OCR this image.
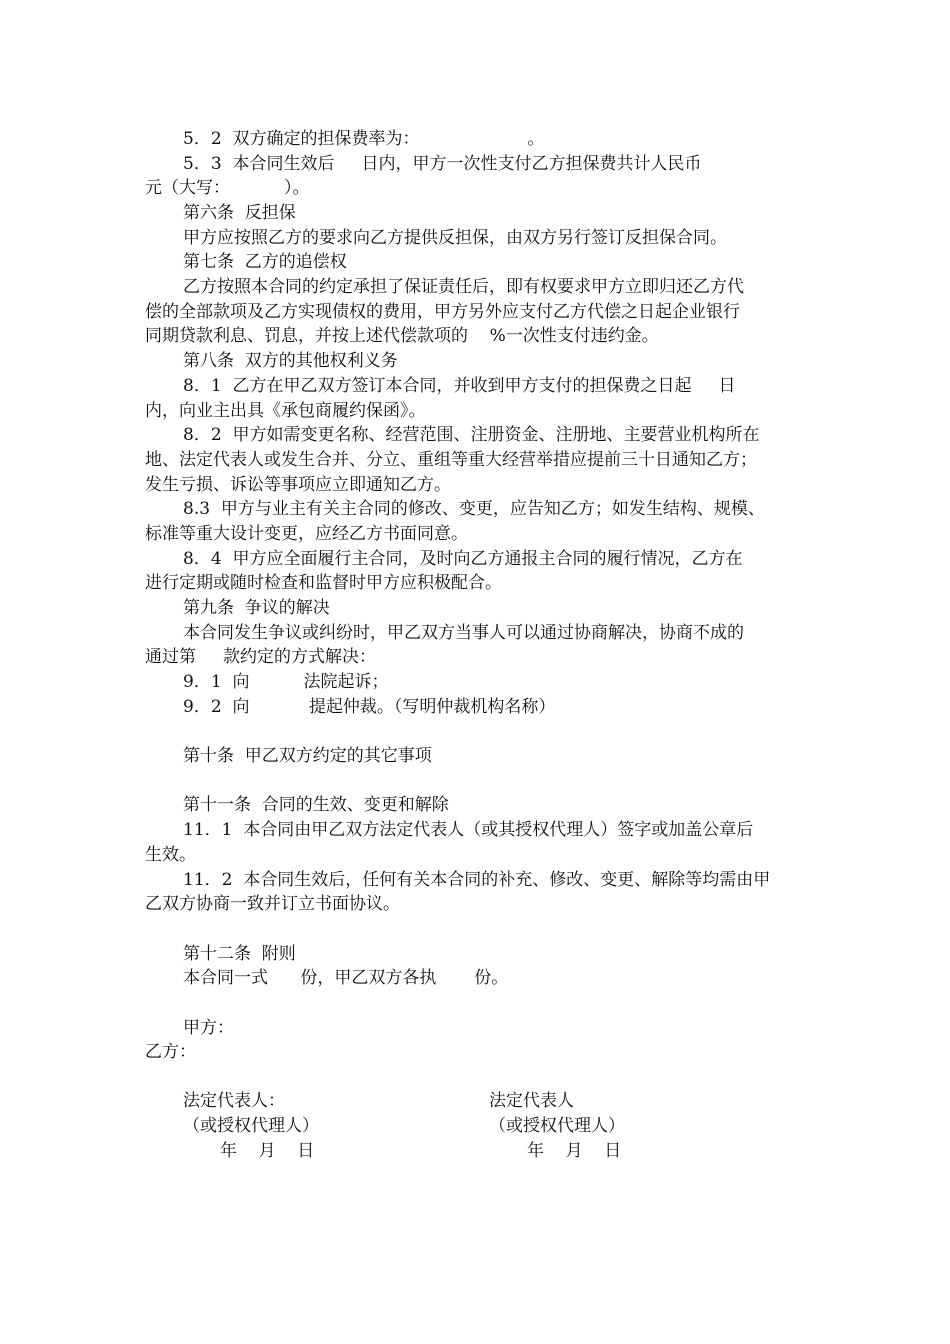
5．2  双方确定的担保费率为：                    。
5．3  本合同生效后     日内，甲方一次性支付乙方担保费共计人民币
元（大写：          ）。
第六条  反担保
甲方应按照乙方的要求向乙方提供反担保，由双方另行签订反担保合同。
第七条  乙方的追偿权
乙方按照本合同的约定承担了保证责任后，即有权要求甲方立即归还乙方代
偿的全部款项及乙方实现债权的费用，甲方另外应支付乙方代偿之日起企业银行
同期贷款利息、罚息，并按上述代偿款项的    %一次性支付违约金。
第八条  双方的其他权利义务
8．1  乙方在甲乙双方签订本合同，并收到甲方支付的担保费之日起     日
内，向业主出具《承包商履约保函》。
8．2  甲方如需变更名称、经营范围、注册资金、注册地、主要营业机构所在
地、法定代表人或发生合并、分立、重组等重大经营举措应提前三十日通知乙方；
发生亏损、诉讼等事项应立即通知乙方。
8.3  甲方与业主有关主合同的修改、变更，应告知乙方；如发生结构、规模、
标准等重大设计变更，应经乙方书面同意。
8．4  甲方应全面履行主合同，及时向乙方通报主合同的履行情况，乙方在
进行定期或随时检查和监督时甲方应积极配合。
第九条  争议的解决
本合同发生争议或纠纷时，甲乙双方当事人可以通过协商解决，协商不成的
通过第     款约定的方式解决：
9．1  向          法院起诉；
9．2  向           提起仲裁。（写明仲裁机构名称）
第十条  甲乙双方约定的其它事项
第十一条  合同的生效、变更和解除
11．1  本合同由甲乙双方法定代表人（或其授权代理人）签字或加盖公章后
生效。
11．2  本合同生效后，任何有关本合同的补充、修改、变更、解除等均需由甲
乙双方协商一致并订立书面协议。
第十二条  附则
本合同一式      份，甲乙双方各执       份。
甲方：
乙方：
法定代表人：
（或授权代理人）
年    月    日
法定代表人
（或授权代理人）
年    月    日
